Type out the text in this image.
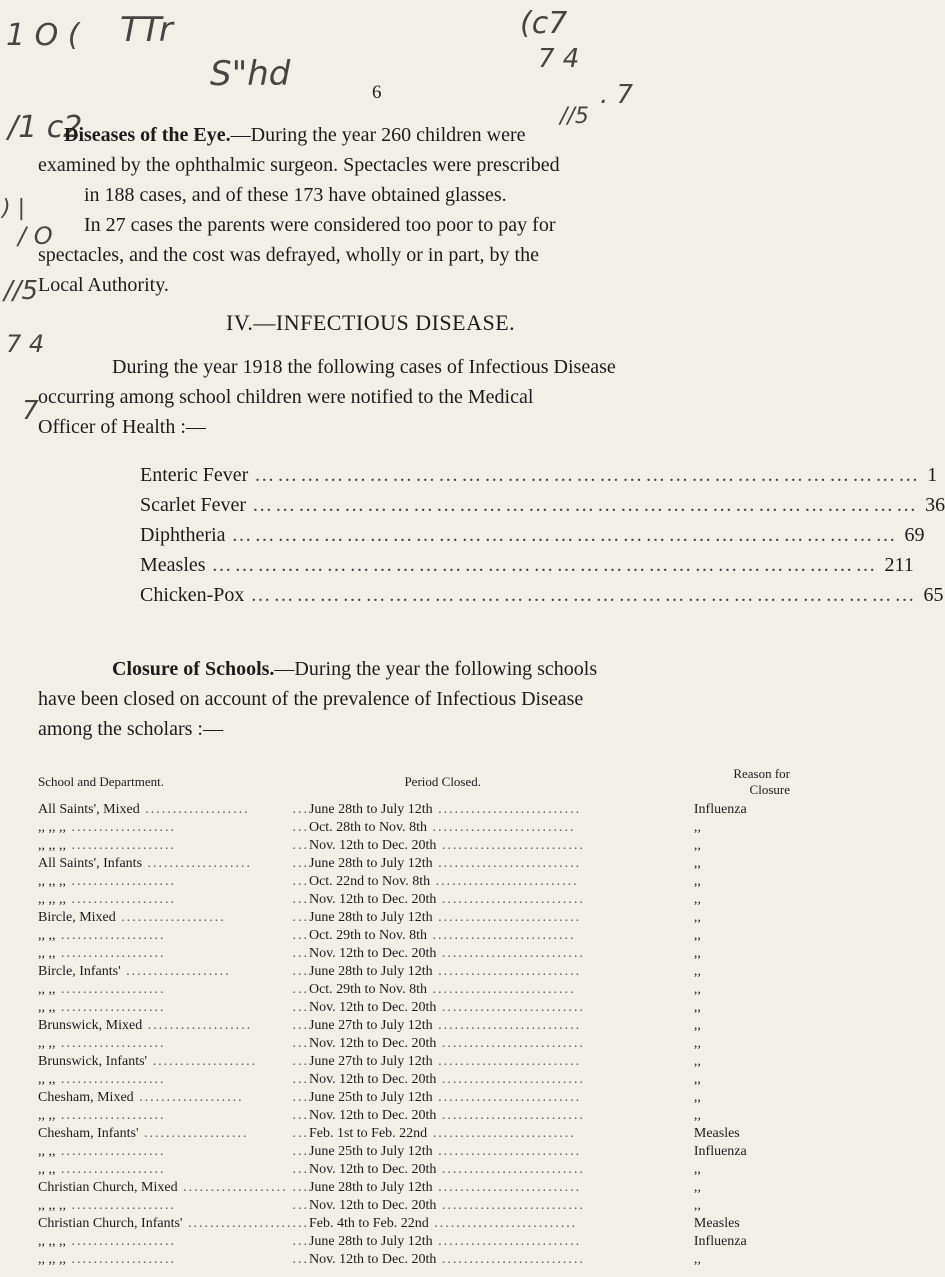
1 O ( TTr
S"hd
(c7
7 4
. 7
/1 c2	//5
) |
/ O
//5
7 4
7
6

Diseases of the Eye.—During the year 260 children were

examined by the ophthalmic surgeon. Spectacles were prescribed

in 188 cases, and of these 173 have obtained glasses.

In 27 cases the parents were considered too poor to pay for

spectacles, and the cost was defrayed, wholly or in part, by the

Local Authority.

IV.—INFECTIOUS DISEASE.

During the year 1918 the following cases of Infectious Disease

occurring among school children were notified to the Medical

Officer of Health :—

Enteric Fever …………………………………………………………………………… 1
Scarlet Fever …………………………………………………………………………… 36
Diphtheria …………………………………………………………………………… 69
Measles …………………………………………………………………………… 211
Chicken-Pox …………………………………………………………………………… 65

Closure of Schools.—During the year the following schools

have been closed on account of the prevalence of Infectious Disease

among the scholars :—

School and Department.	Period Closed.	Reason for Closure
All Saints', Mixed ...................	...June 28th to July 12th ..........................	Influenza
,, ,, ,, ...................	...Oct. 28th to Nov. 8th ..........................	,,
,, ,, ,, ...................	...Nov. 12th to Dec. 20th ..........................	,,
All Saints', Infants ...................	...June 28th to July 12th ..........................	,,
,, ,, ,, ...................	...Oct. 22nd to Nov. 8th ..........................	,,
,, ,, ,, ...................	...Nov. 12th to Dec. 20th ..........................	,,
Bircle, Mixed ...................	...June 28th to July 12th ..........................	,,
,, ,, ...................	...Oct. 29th to Nov. 8th ..........................	,,
,, ,, ...................	...Nov. 12th to Dec. 20th ..........................	,,
Bircle, Infants' ...................	...June 28th to July 12th ..........................	,,
,, ,, ...................	...Oct. 29th to Nov. 8th ..........................	,,
,, ,, ...................	...Nov. 12th to Dec. 20th ..........................	,,
Brunswick, Mixed ...................	...June 27th to July 12th ..........................	,,
,, ,, ...................	...Nov. 12th to Dec. 20th ..........................	,,
Brunswick, Infants' ...................	...June 27th to July 12th ..........................	,,
,, ,, ...................	...Nov. 12th to Dec. 20th ..........................	,,
Chesham, Mixed ...................	...June 25th to July 12th ..........................	,,
,, ,, ...................	...Nov. 12th to Dec. 20th ..........................	,,
Chesham, Infants' ...................	...Feb. 1st to Feb. 22nd ..........................	Measles
,, ,, ...................	...June 25th to July 12th ..........................	Influenza
,, ,, ...................	...Nov. 12th to Dec. 20th ..........................	,,
Christian Church, Mixed ...................	...June 28th to July 12th ..........................	,,
,, ,, ,, ...................	...Nov. 12th to Dec. 20th ..........................	,,
Christian Church, Infants' ...................	...Feb. 4th to Feb. 22nd ..........................	Measles
,, ,, ,, ...................	...June 28th to July 12th ..........................	Influenza
,, ,, ,, ...................	...Nov. 12th to Dec. 20th ..........................	,,
